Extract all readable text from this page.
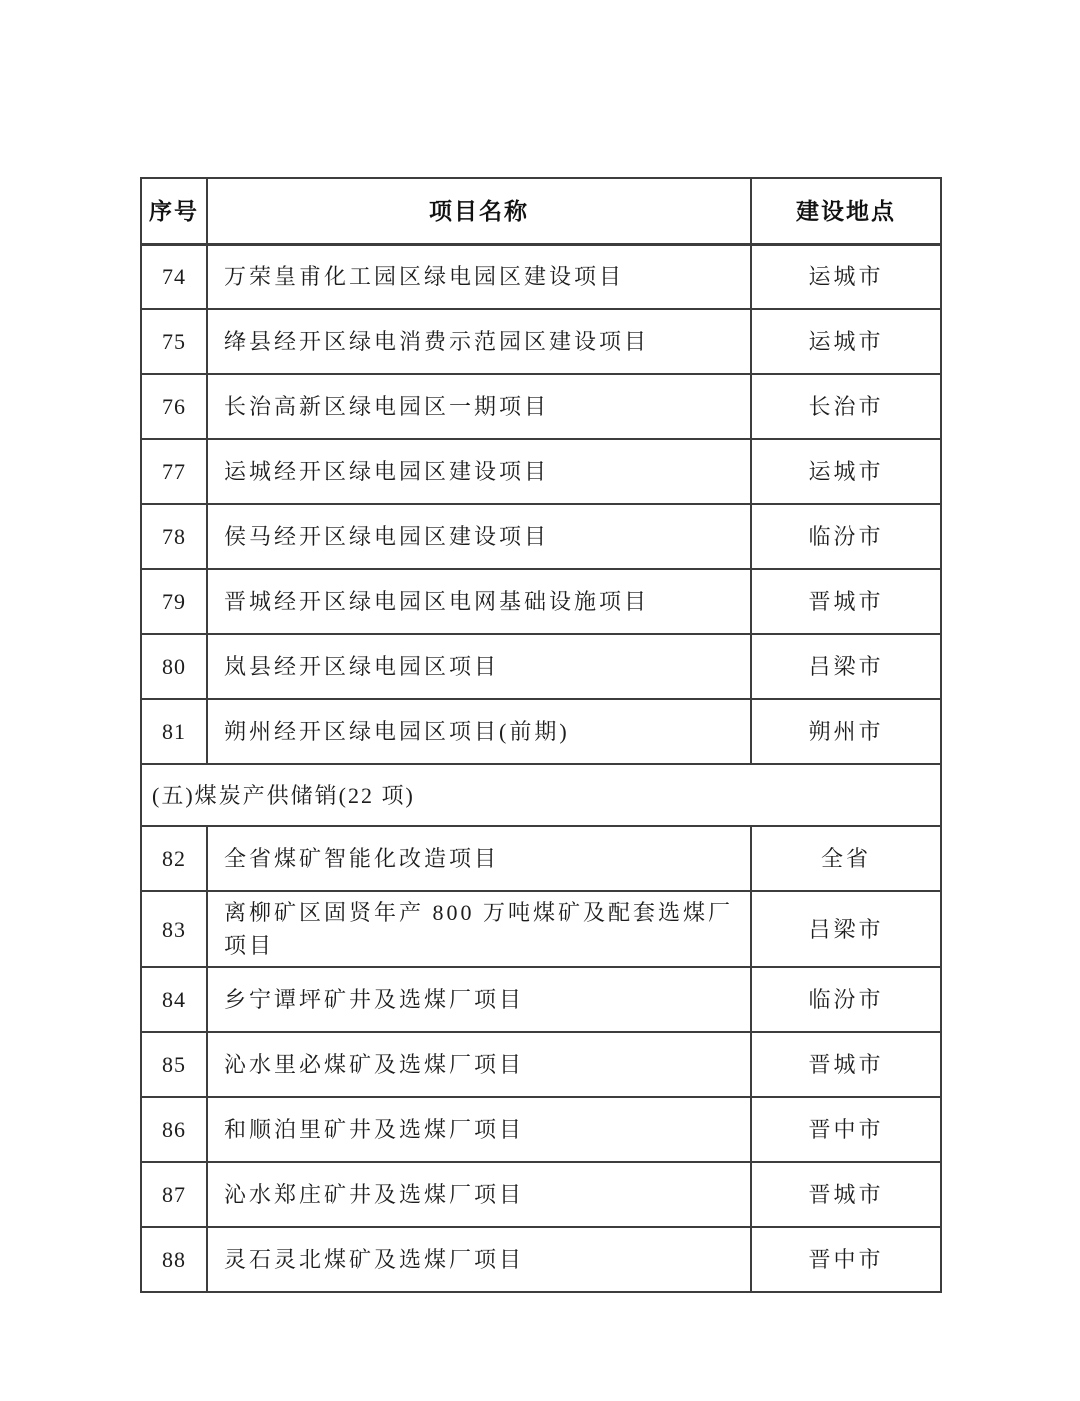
序号	项目名称	建设地点
74	万荣皇甫化工园区绿电园区建设项目	运城市
75	绛县经开区绿电消费示范园区建设项目	运城市
76	长治高新区绿电园区一期项目	长治市
77	运城经开区绿电园区建设项目	运城市
78	侯马经开区绿电园区建设项目	临汾市
79	晋城经开区绿电园区电网基础设施项目	晋城市
80	岚县经开区绿电园区项目	吕梁市
81	朔州经开区绿电园区项目(前期)	朔州市
(五)煤炭产供储销(22 项)		
82	全省煤矿智能化改造项目	全省
83	离柳矿区固贤年产 800 万吨煤矿及配套选煤厂项目	吕梁市
84	乡宁谭坪矿井及选煤厂项目	临汾市
85	沁水里必煤矿及选煤厂项目	晋城市
86	和顺泊里矿井及选煤厂项目	晋中市
87	沁水郑庄矿井及选煤厂项目	晋城市
88	灵石灵北煤矿及选煤厂项目	晋中市
